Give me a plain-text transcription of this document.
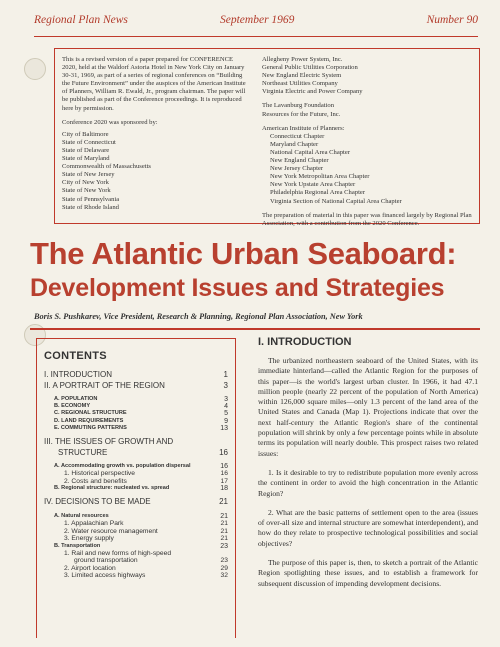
Regional Plan News	September 1969	Number 90

This is a revised version of a paper prepared for CONFERENCE 2020, held at the Waldorf Astoria Hotel in New York City on January 30-31, 1969, as part of a series of regional conferences on “Building the Future Environment” under the auspices of the American Institute of Planners, William R. Ewald, Jr., program chairman. The paper will be published as part of the Conference proceedings. It is reproduced here by permission.

Conference 2020 was sponsored by:

City of Baltimore
State of Connecticut
State of Delaware
State of Maryland
Commonwealth of Massachusetts
State of New Jersey
City of New York
State of New York
State of Pennsylvania
State of Rhode Island
Allegheny Power System, Inc.
General Public Utilities Corporation
New England Electric System
Northeast Utilities Company
Virginia Electric and Power Company
The Lavanburg Foundation
Resources for the Future, Inc.
American Institute of Planners:
Connecticut Chapter
Maryland Chapter
National Capital Area Chapter
New England Chapter
New Jersey Chapter
New York Metropolitan Area Chapter
New York Upstate Area Chapter
Philadelphia Regional Area Chapter
Virginia Section of National Capital Area Chapter

The preparation of material in this paper was financed largely by Regional Plan Association, with a contribution from the 2020 Conference.

The Atlantic Urban Seaboard:
Development Issues and Strategies
Boris S. Pushkarev, Vice President, Research & Planning, Regional Plan Association, New York
CONTENTS
I. INTRODUCTION	1
II. A PORTRAIT OF THE REGION	3
A. POPULATION	3
B. ECONOMY	4
C. REGIONAL STRUCTURE	5
D. LAND REQUIREMENTS	9
E. COMMUTING PATTERNS	13
III. THE ISSUES OF GROWTH AND
STRUCTURE	16
A. Accommodating growth vs. population dispersal	16
1. Historical perspective	16
2. Costs and benefits	17
B. Regional structure: nucleated vs. spread	18
IV. DECISIONS TO BE MADE	21
A. Natural resources	21
1. Appalachian Park	21
2. Water resource management	21
3. Energy supply	21
B. Transportation	23
1. Rail and new forms of high-speed
ground transportation	23
2. Airport location	29
3. Limited access highways	32
I. INTRODUCTION

The urbanized northeastern seaboard of the United States, with its immediate hinterland—called the Atlantic Region for the purposes of this paper—is the world's largest urban cluster. In 1966, it had 47.1 million people (nearly 22 percent of the population of North America) within 126,000 square miles—only 1.3 percent of the land area of the United States and Canada (Map 1). Projections indicate that over the next half-century the Atlantic Region's share of the continental population will shrink by only a few percentage points while in absolute terms its population will nearly double. This prospect raises two related issues:

1. Is it desirable to try to redistribute population more evenly across the continent in order to avoid the high concentration in the Atlantic Region?

2. What are the basic patterns of settlement open to the area (issues of over-all size and internal structure are somewhat interdependent), and how do they relate to prospective technological possibilities and social objectives?

The purpose of this paper is, then, to sketch a portrait of the Atlantic Region spotlighting these issues, and to establish a framework for subsequent discussion of impending development decisions.
